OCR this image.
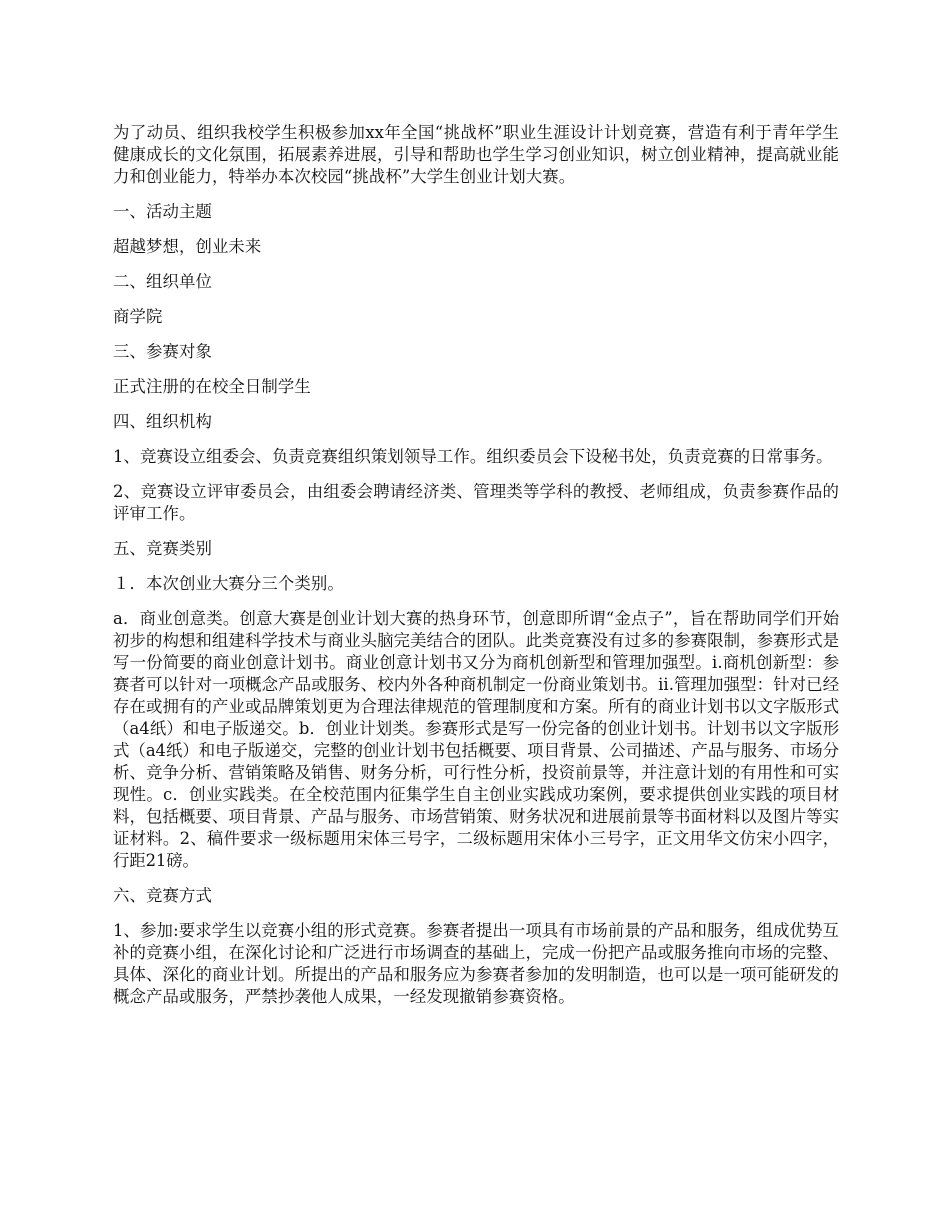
为了动员、组织我校学生积极参加xx年全国“挑战杯”职业生涯设计计划竞赛，营造有利于青年学生健康成长的文化氛围，拓展素养进展，引导和帮助也学生学习创业知识，树立创业精神，提高就业能力和创业能力，特举办本次校园“挑战杯”大学生创业计划大赛。

一、活动主题

超越梦想，创业未来

二、组织单位

商学院

三、参赛对象

正式注册的在校全日制学生

四、组织机构

1、竞赛设立组委会、负责竞赛组织策划领导工作。组织委员会下设秘书处，负责竞赛的日常事务。

2、竞赛设立评审委员会，由组委会聘请经济类、管理类等学科的教授、老师组成，负责参赛作品的评审工作。

五、竞赛类别

１．本次创业大赛分三个类别。

a．商业创意类。创意大赛是创业计划大赛的热身环节，创意即所谓“金点子”，旨在帮助同学们开始初步的构想和组建科学技术与商业头脑完美结合的团队。此类竞赛没有过多的参赛限制，参赛形式是写一份简要的商业创意计划书。商业创意计划书又分为商机创新型和管理加强型。ⅰ.商机创新型：参赛者可以针对一项概念产品或服务、校内外各种商机制定一份商业策划书。ⅱ.管理加强型：针对已经存在或拥有的产业或品牌策划更为合理法律规范的管理制度和方案。所有的商业计划书以文字版形式（a4纸）和电子版递交。b．创业计划类。参赛形式是写一份完备的创业计划书。计划书以文字版形式（a4纸）和电子版递交，完整的创业计划书包括概要、项目背景、公司描述、产品与服务、市场分析、竞争分析、营销策略及销售、财务分析，可行性分析，投资前景等，并注意计划的有用性和可实现性。c．创业实践类。在全校范围内征集学生自主创业实践成功案例，要求提供创业实践的项目材料，包括概要、项目背景、产品与服务、市场营销策、财务状况和进展前景等书面材料以及图片等实证材料。2、稿件要求一级标题用宋体三号字，二级标题用宋体小三号字，正文用华文仿宋小四字，行距21磅。

六、竞赛方式

1、参加:要求学生以竞赛小组的形式竞赛。参赛者提出一项具有市场前景的产品和服务，组成优势互补的竞赛小组，在深化讨论和广泛进行市场调查的基础上，完成一份把产品或服务推向市场的完整、具体、深化的商业计划。所提出的产品和服务应为参赛者参加的发明制造，也可以是一项可能研发的概念产品或服务，严禁抄袭他人成果，一经发现撤销参赛资格。
